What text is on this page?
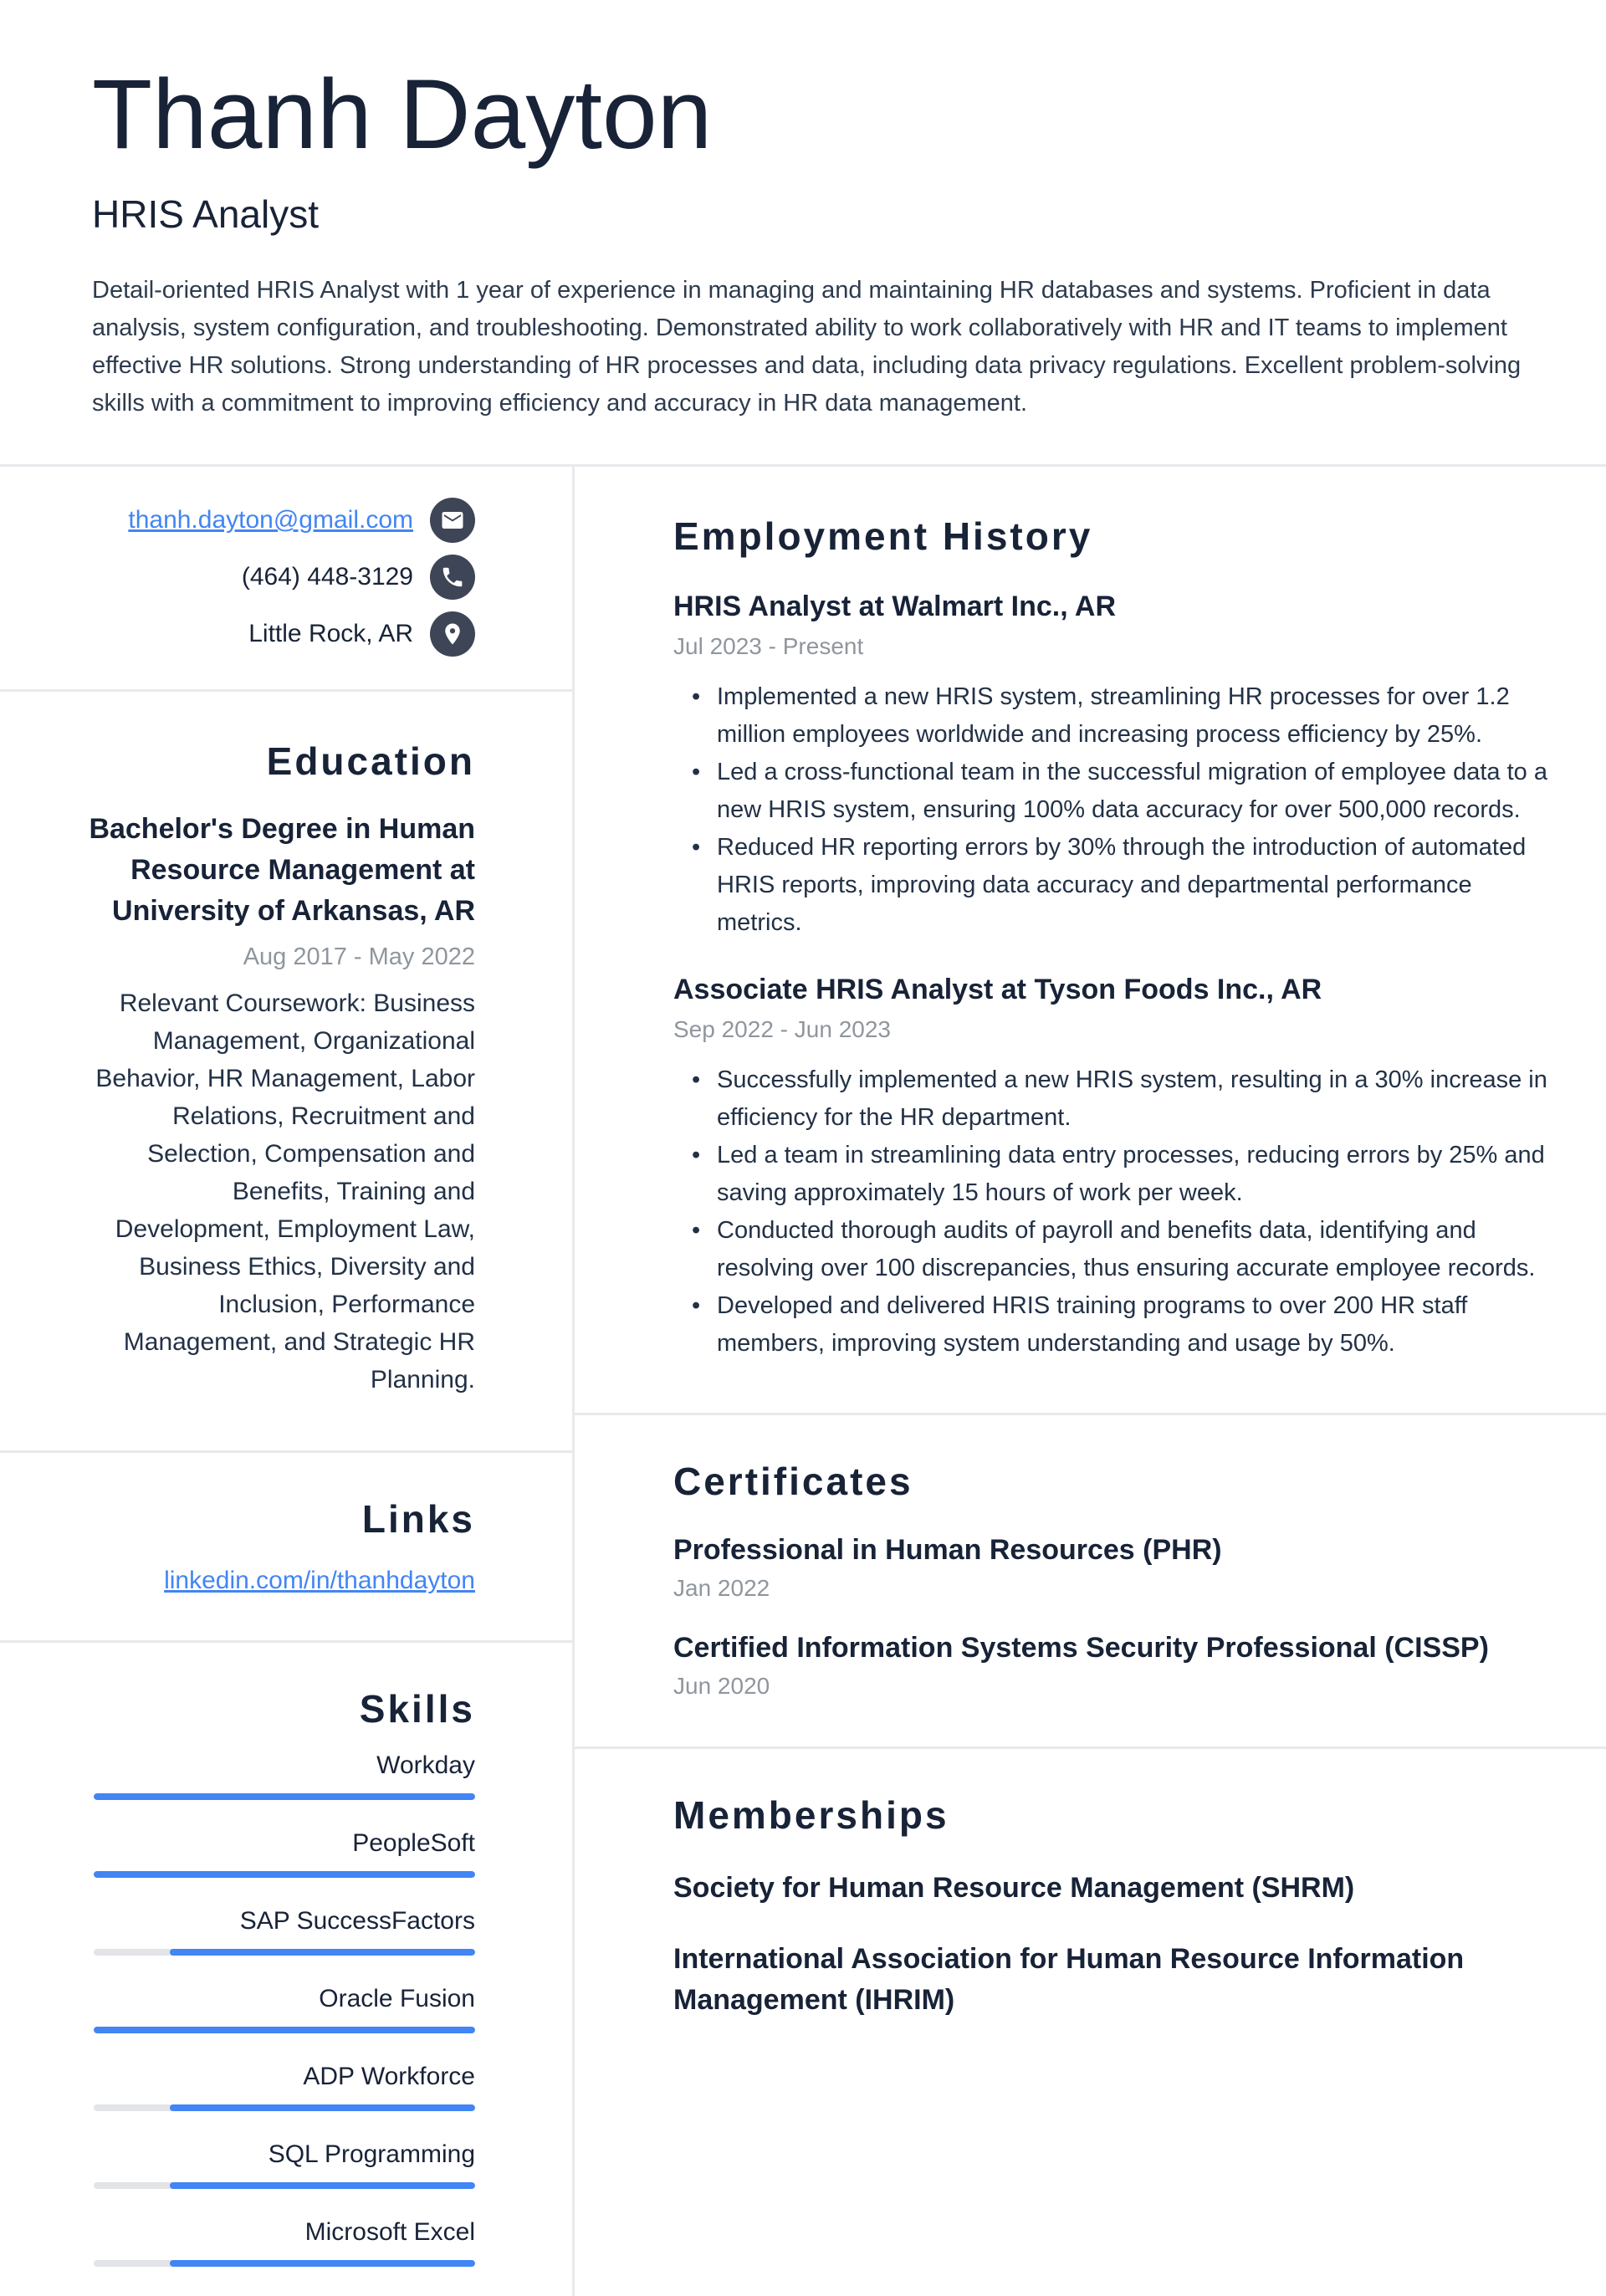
Thanh Dayton
HRIS Analyst

Detail-oriented HRIS Analyst with 1 year of experience in managing and maintaining HR databases and systems. Proficient in data analysis, system configuration, and troubleshooting. Demonstrated ability to work collaboratively with HR and IT teams to implement effective HR solutions. Strong understanding of HR processes and data, including data privacy regulations. Excellent problem-solving skills with a commitment to improving efficiency and accuracy in HR data management.

thanh.dayton@gmail.com
(464) 448-3129
Little Rock, AR
Education
Bachelor's Degree in Human Resource Management at University of Arkansas, AR
Aug 2017 - May 2022
Relevant Coursework: Business Management, Organizational Behavior, HR Management, Labor Relations, Recruitment and Selection, Compensation and Benefits, Training and Development, Employment Law, Business Ethics, Diversity and Inclusion, Performance Management, and Strategic HR Planning.
Links
linkedin.com/in/thanhdayton
Skills
Workday
PeopleSoft
SAP SuccessFactors
Oracle Fusion
ADP Workforce
SQL Programming
Microsoft Excel
Employment History
HRIS Analyst at Walmart Inc., AR
Jul 2023 - Present
• Implemented a new HRIS system, streamlining HR processes for over 1.2 million employees worldwide and increasing process efficiency by 25%.
• Led a cross-functional team in the successful migration of employee data to a new HRIS system, ensuring 100% data accuracy for over 500,000 records.
• Reduced HR reporting errors by 30% through the introduction of automated HRIS reports, improving data accuracy and departmental performance metrics.
Associate HRIS Analyst at Tyson Foods Inc., AR
Sep 2022 - Jun 2023
• Successfully implemented a new HRIS system, resulting in a 30% increase in efficiency for the HR department.
• Led a team in streamlining data entry processes, reducing errors by 25% and saving approximately 15 hours of work per week.
• Conducted thorough audits of payroll and benefits data, identifying and resolving over 100 discrepancies, thus ensuring accurate employee records.
• Developed and delivered HRIS training programs to over 200 HR staff members, improving system understanding and usage by 50%.
Certificates
Professional in Human Resources (PHR)
Jan 2022
Certified Information Systems Security Professional (CISSP)
Jun 2020
Memberships
Society for Human Resource Management (SHRM)
International Association for Human Resource Information Management (IHRIM)
